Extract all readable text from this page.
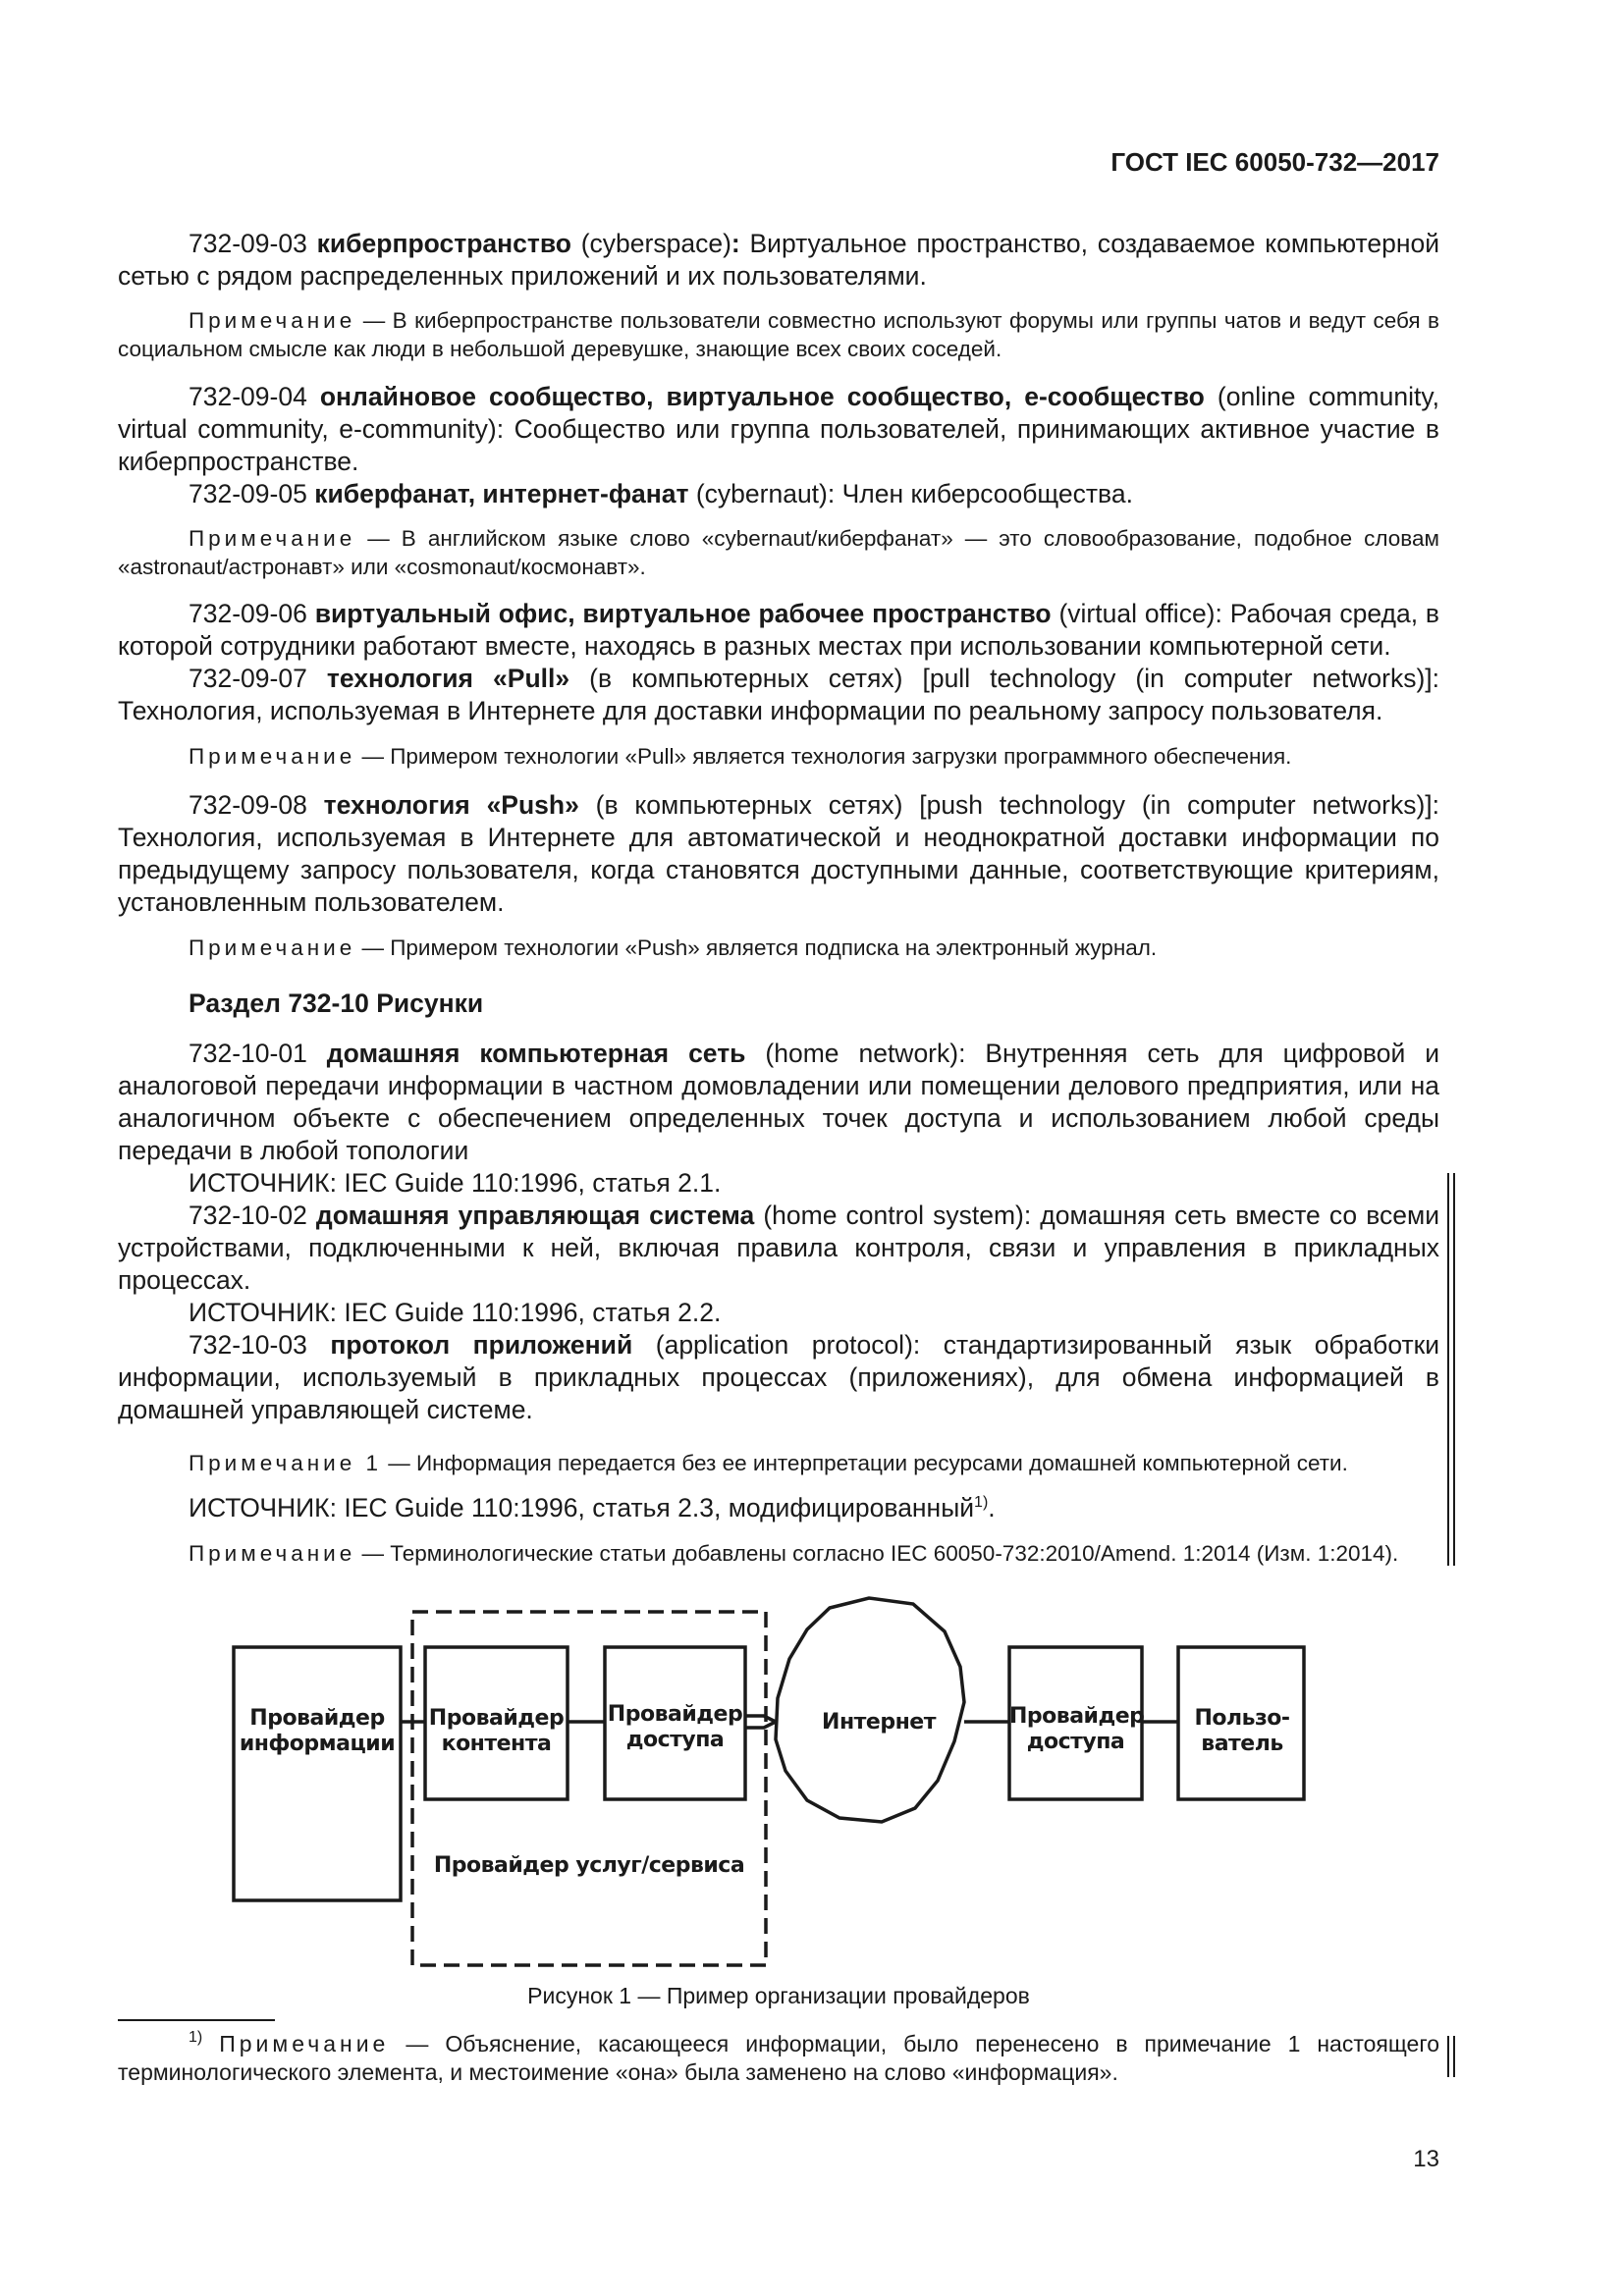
ГОСТ IEC 60050-732—2017

732-09-03 киберпространство (cyberspace): Виртуальное пространство, создаваемое компьютерной сетью с рядом распределенных приложений и их пользователями.

Примечание — В киберпространстве пользователи совместно используют форумы или группы чатов и ведут себя в социальном смысле как люди в небольшой деревушке, знающие всех своих соседей.

732-09-04 онлайновое сообщество, виртуальное сообщество, е-сообщество (online community, virtual community, e-community): Сообщество или группа пользователей, принимающих активное участие в киберпространстве.

732-09-05 киберфанат, интернет-фанат (cybernaut): Член киберсообщества.

Примечание — В английском языке слово «cybernaut/киберфанат» — это словообразование, подобное словам «astronaut/астронавт» или «cosmonaut/космонавт».

732-09-06 виртуальный офис, виртуальное рабочее пространство (virtual office): Рабочая среда, в которой сотрудники работают вместе, находясь в разных местах при использовании компьютерной сети.

732-09-07 технология «Pull» (в компьютерных сетях) [pull technology (in computer networks)]: Технология, используемая в Интернете для доставки информации по реальному запросу пользователя.

Примечание — Примером технологии «Pull» является технология загрузки программного обеспечения.

732-09-08 технология «Push» (в компьютерных сетях) [push technology (in computer networks)]: Технология, используемая в Интернете для автоматической и неоднократной доставки информации по предыдущему запросу пользователя, когда становятся доступными данные, соответствующие критериям, установленным пользователем.

Примечание — Примером технологии «Push» является подписка на электронный журнал.

Раздел 732-10 Рисунки

732-10-01 домашняя компьютерная сеть (home network): Внутренняя сеть для цифровой и аналоговой передачи информации в частном домовладении или помещении делового предприятия, или на аналогичном объекте с обеспечением определенных точек доступа и использованием любой среды передачи в любой топологии

ИСТОЧНИК: IEC Guide 110:1996, статья 2.1.

732-10-02 домашняя управляющая система (home control system): домашняя сеть вместе со всеми устройствами, подключенными к ней, включая правила контроля, связи и управления в прикладных процессах.

ИСТОЧНИК: IEC Guide 110:1996, статья 2.2.

732-10-03 протокол приложений (application protocol): стандартизированный язык обработки информации, используемый в прикладных процессах (приложениях), для обмена информацией в домашней управляющей системе.

Примечание 1 — Информация передается без ее интерпретации ресурсами домашней компьютерной сети.

ИСТОЧНИК: IEC Guide 110:1996, статья 2.3, модифицированный$^{1)}$.

Примечание — Терминологические статьи добавлены согласно IEC 60050-732:2010/Amend. 1:2014 (Изм. 1:2014).

Провайдер информации
Провайдер контента
Провайдер доступа
Интернет	Провайдер доступа
Пользо-ватель
Провайдер услуг/сервиса
Рисунок 1 — Пример организации провайдеров

$^{1)}$ Примечание — Объяснение, касающееся информации, было перенесено в примечание 1 настоящего терминологического элемента, и местоимение «она» была заменено на слово «информация».

13
